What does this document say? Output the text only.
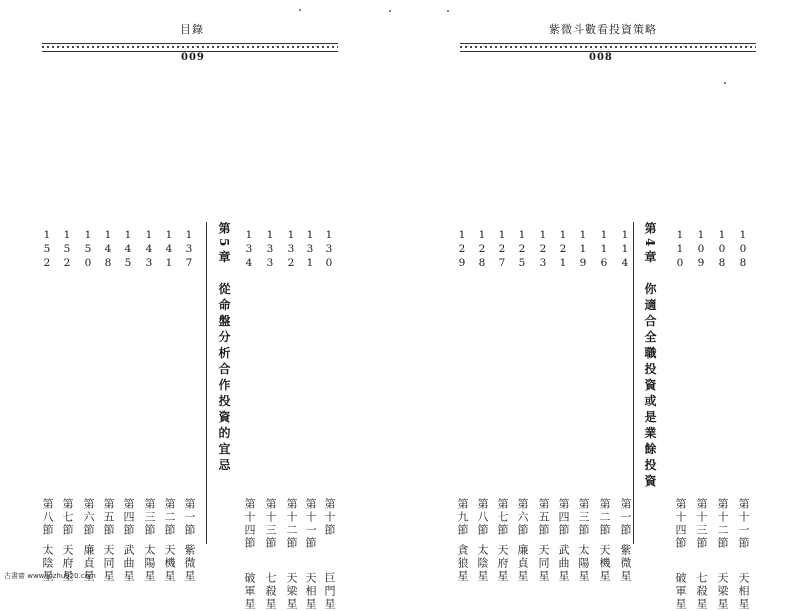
目錄
009
1
3
0
第十節
巨門星
1
3
1
第十一節
天相星
1
3
2
第十二節
天梁星
1
3
3
第十三節
七殺星
1
3
4
第十四節
破軍星
第5章　從命盤分析合作投資的宜忌
1
3
7
第一節
紫微星
1
4
1
第二節
天機星
1
4
3
第三節
太陽星
1
4
5
第四節
武曲星
1
4
8
第五節
天同星
1
5
0
第六節
廉貞星
1
5
2
第七節
天府星
1
5
2
第八節
太陰星
紫微斗數看投資策略
008
1
0
8
第十一節
天相星
1
0
8
第十二節
天梁星
1
0
9
第十三節
七殺星
1
1
0
第十四節
破軍星
第4章　你適合全職投資或是業餘投資
1
1
4
第一節
紫微星
1
1
6
第二節
天機星
1
1
9
第三節
太陽星
1
2
1
第四節
武曲星
1
2
3
第五節
天同星
1
2
5
第六節
廉貞星
1
2
7
第七節
天府星
1
2
8
第八節
太陰星
1
2
9
第九節
貪狼星
古書齋 www.fozhu920.com
